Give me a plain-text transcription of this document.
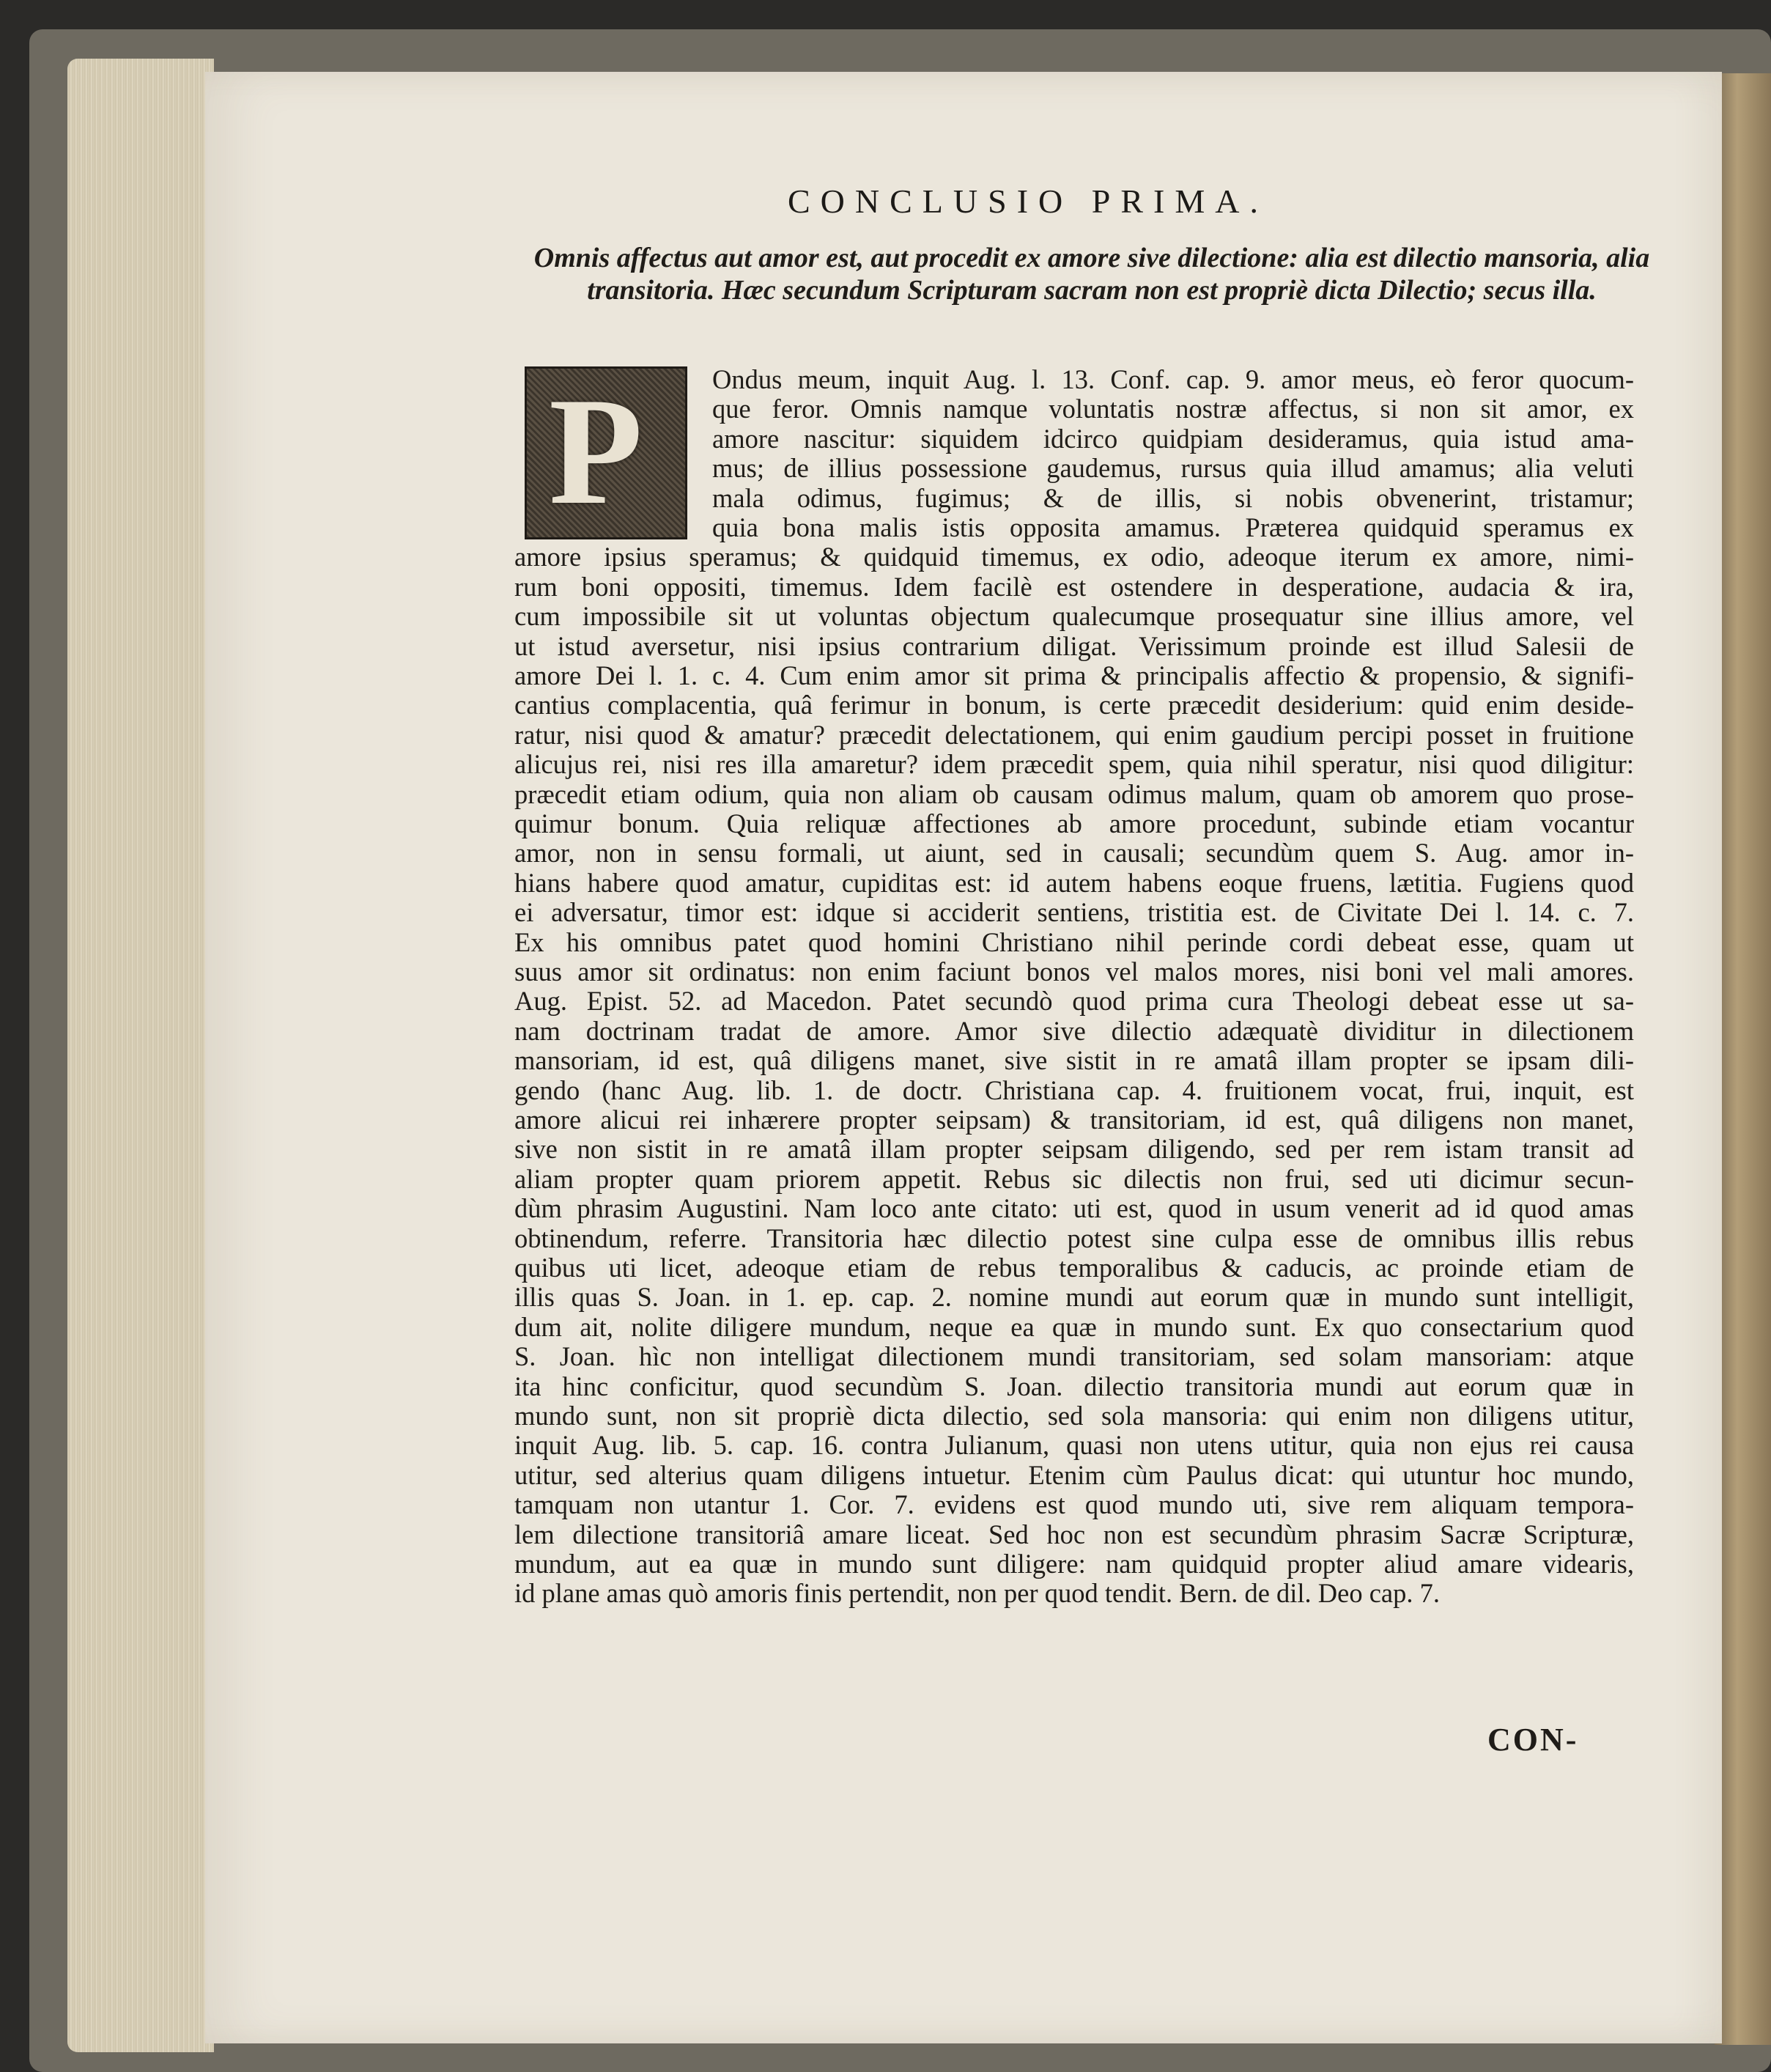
CONCLUSIO PRIMA.
Omnis affectus aut amor est, aut procedit ex amore sive dilectione: alia est dilectio mansoria, alia transitoria. Hæc secundum Scripturam sacram non est propriè dicta Dilectio; secus illa.
P	Ondus meum, inquit Aug. l. 13. Conf. cap. 9. amor meus, eò feror quocum-
que feror. Omnis namque voluntatis nostræ affectus, si non sit amor, ex
amore nascitur: siquidem idcirco quidpiam desideramus, quia istud ama-
mus; de illius possessione gaudemus, rursus quia illud amamus; alia veluti
mala odimus, fugimus; & de illis, si nobis obvenerint, tristamur;
quia bona malis istis opposita amamus. Præterea quidquid speramus ex
amore ipsius speramus; & quidquid timemus, ex odio, adeoque iterum ex amore, nimi-
rum boni oppositi, timemus. Idem facilè est ostendere in desperatione, audacia & ira,
cum impossibile sit ut voluntas objectum qualecumque prosequatur sine illius amore, vel
ut istud aversetur, nisi ipsius contrarium diligat. Verissimum proinde est illud Salesii de
amore Dei l. 1. c. 4. Cum enim amor sit prima & principalis affectio & propensio, & signifi-
cantius complacentia, quâ ferimur in bonum, is certe præcedit desiderium: quid enim deside-
ratur, nisi quod & amatur? præcedit delectationem, qui enim gaudium percipi posset in fruitione
alicujus rei, nisi res illa amaretur? idem præcedit spem, quia nihil speratur, nisi quod diligitur:
præcedit etiam odium, quia non aliam ob causam odimus malum, quam ob amorem quo prose-
quimur bonum. Quia reliquæ affectiones ab amore procedunt, subinde etiam vocantur
amor, non in sensu formali, ut aiunt, sed in causali; secundùm quem S. Aug. amor in-
hians habere quod amatur, cupiditas est: id autem habens eoque fruens, lætitia. Fugiens quod
ei adversatur, timor est: idque si acciderit sentiens, tristitia est. de Civitate Dei l. 14. c. 7.
Ex his omnibus patet quod homini Christiano nihil perinde cordi debeat esse, quam ut
suus amor sit ordinatus: non enim faciunt bonos vel malos mores, nisi boni vel mali amores.
Aug. Epist. 52. ad Macedon. Patet secundò quod prima cura Theologi debeat esse ut sa-
nam doctrinam tradat de amore. Amor sive dilectio adæquatè dividitur in dilectionem
mansoriam, id est, quâ diligens manet, sive sistit in re amatâ illam propter se ipsam dili-
gendo (hanc Aug. lib. 1. de doctr. Christiana cap. 4. fruitionem vocat, frui, inquit, est
amore alicui rei inhærere propter seipsam) & transitoriam, id est, quâ diligens non manet,
sive non sistit in re amatâ illam propter seipsam diligendo, sed per rem istam transit ad
aliam propter quam priorem appetit. Rebus sic dilectis non frui, sed uti dicimur secun-
dùm phrasim Augustini. Nam loco ante citato: uti est, quod in usum venerit ad id quod amas
obtinendum, referre. Transitoria hæc dilectio potest sine culpa esse de omnibus illis rebus
quibus uti licet, adeoque etiam de rebus temporalibus & caducis, ac proinde etiam de
illis quas S. Joan. in 1. ep. cap. 2. nomine mundi aut eorum quæ in mundo sunt intelligit,
dum ait, nolite diligere mundum, neque ea quæ in mundo sunt. Ex quo consectarium quod
S. Joan. hìc non intelligat dilectionem mundi transitoriam, sed solam mansoriam: atque
ita hinc conficitur, quod secundùm S. Joan. dilectio transitoria mundi aut eorum quæ in
mundo sunt, non sit propriè dicta dilectio, sed sola mansoria: qui enim non diligens utitur,
inquit Aug. lib. 5. cap. 16. contra Julianum, quasi non utens utitur, quia non ejus rei causa
utitur, sed alterius quam diligens intuetur. Etenim cùm Paulus dicat: qui utuntur hoc mundo,
tamquam non utantur 1. Cor. 7. evidens est quod mundo uti, sive rem aliquam tempora-
lem dilectione transitoriâ amare liceat. Sed hoc non est secundùm phrasim Sacræ Scripturæ,
mundum, aut ea quæ in mundo sunt diligere: nam quidquid propter aliud amare videaris,
id plane amas quò amoris finis pertendit, non per quod tendit. Bern. de dil. Deo cap. 7.
CON-
